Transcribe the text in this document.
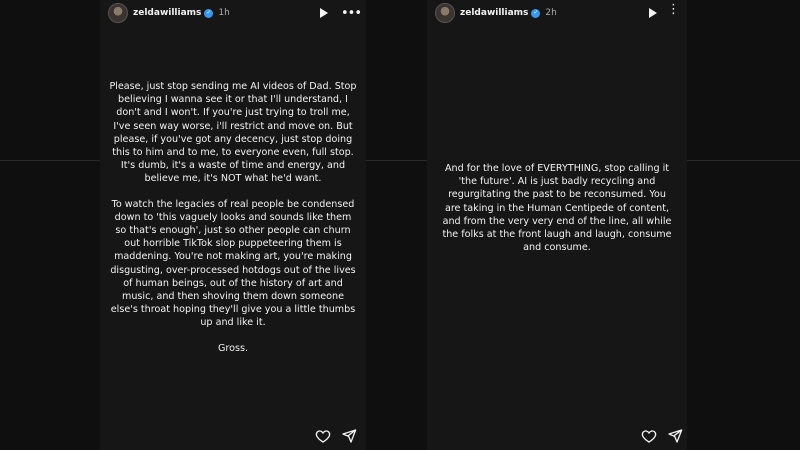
zeldawilliams ✓ 1h	•••

Please, just stop sending me AI videos of Dad. Stop believing I wanna see it or that I'll understand, I don't and I won't. If you're just trying to troll me, I've seen way worse, i'll restrict and move on. But please, if you've got any decency, just stop doing this to him and to me, to everyone even, full stop. It's dumb, it's a waste of time and energy, and believe me, it's NOT what he'd want.

To watch the legacies of real people be condensed down to 'this vaguely looks and sounds like them so that's enough', just so other people can churn out horrible TikTok slop puppeteering them is maddening. You're not making art, you're making disgusting, over-processed hotdogs out of the lives of human beings, out of the history of art and music, and then shoving them down someone else's throat hoping they'll give you a little thumbs up and like it.

Gross.

zeldawilliams ✓ 2h	⋮

And for the love of EVERYTHING, stop calling it 'the future'. AI is just badly recycling and regurgitating the past to be reconsumed. You are taking in the Human Centipede of content, and from the very very end of the line, all while the folks at the front laugh and laugh, consume and consume.
